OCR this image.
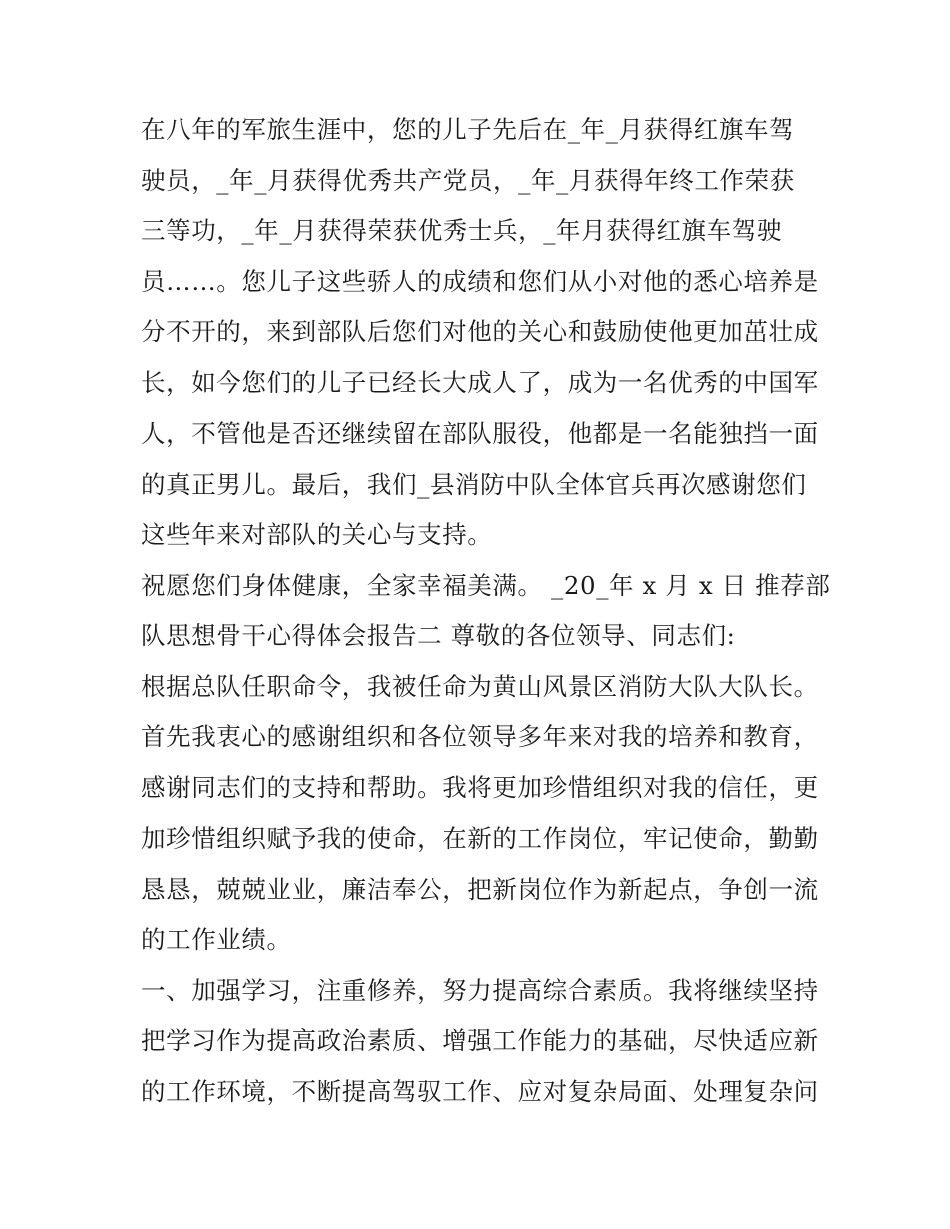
在八年的军旅生涯中，您的儿子先后在_年_月获得红旗车驾
驶员，_年_月获得优秀共产党员，_年_月获得年终工作荣获
三等功，_年_月获得荣获优秀士兵，_年月获得红旗车驾驶
员……。您儿子这些骄人的成绩和您们从小对他的悉心培养是
分不开的，来到部队后您们对他的关心和鼓励使他更加茁壮成
长，如今您们的儿子已经长大成人了，成为一名优秀的中国军
人，不管他是否还继续留在部队服役，他都是一名能独挡一面
的真正男儿。最后，我们_县消防中队全体官兵再次感谢您们
这些年来对部队的关心与支持。
祝愿您们身体健康，全家幸福美满。 _20_年 x 月 x 日 推荐部
队思想骨干心得体会报告二 尊敬的各位领导、同志们:
根据总队任职命令，我被任命为黄山风景区消防大队大队长。
首先我衷心的感谢组织和各位领导多年来对我的培养和教育，
感谢同志们的支持和帮助。我将更加珍惜组织对我的信任，更
加珍惜组织赋予我的使命，在新的工作岗位，牢记使命，勤勤
恳恳，兢兢业业，廉洁奉公，把新岗位作为新起点，争创一流
的工作业绩。
一、加强学习，注重修养，努力提高综合素质。我将继续坚持
把学习作为提高政治素质、增强工作能力的基础，尽快适应新
的工作环境，不断提高驾驭工作、应对复杂局面、处理复杂问
